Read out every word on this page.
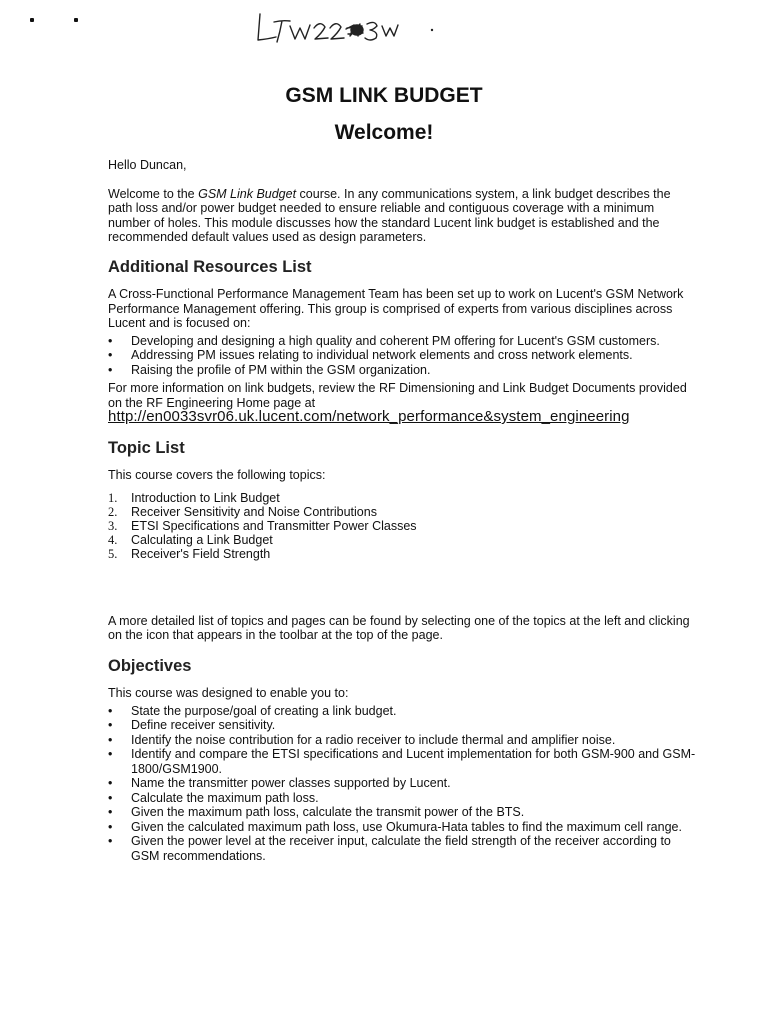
GSM LINK BUDGET
Welcome!

Hello Duncan,

Welcome to the GSM Link Budget course. In any communications system, a link budget describes the path loss and/or power budget needed to ensure reliable and contiguous coverage with a minimum number of holes. This module discusses how the standard Lucent link budget is established and the recommended default values used as design parameters.

Additional Resources List

A Cross-Functional Performance Management Team has been set up to work on Lucent's GSM Network Performance Management offering. This group is comprised of experts from various disciplines across Lucent and is focused on:

• Developing and designing a high quality and coherent PM offering for Lucent's GSM customers.
• Addressing PM issues relating to individual network elements and cross network elements.
• Raising the profile of PM within the GSM organization.

For more information on link budgets, review the RF Dimensioning and Link Budget Documents provided on the RF Engineering Home page at

http://en0033svr06.uk.lucent.com/network_performance&system_engineering

Topic List

This course covers the following topics:

1. Introduction to Link Budget
2. Receiver Sensitivity and Noise Contributions
3. ETSI Specifications and Transmitter Power Classes
4. Calculating a Link Budget
5. Receiver's Field Strength

A more detailed list of topics and pages can be found by selecting one of the topics at the left and clicking on the icon that appears in the toolbar at the top of the page.

Objectives

This course was designed to enable you to:

• State the purpose/goal of creating a link budget.
• Define receiver sensitivity.
• Identify the noise contribution for a radio receiver to include thermal and amplifier noise.
• Identify and compare the ETSI specifications and Lucent implementation for both GSM-900 and GSM-1800/GSM1900.
• Name the transmitter power classes supported by Lucent.
• Calculate the maximum path loss.
• Given the maximum path loss, calculate the transmit power of the BTS.
• Given the calculated maximum path loss, use Okumura-Hata tables to find the maximum cell range.
• Given the power level at the receiver input, calculate the field strength of the receiver according to GSM recommendations.
